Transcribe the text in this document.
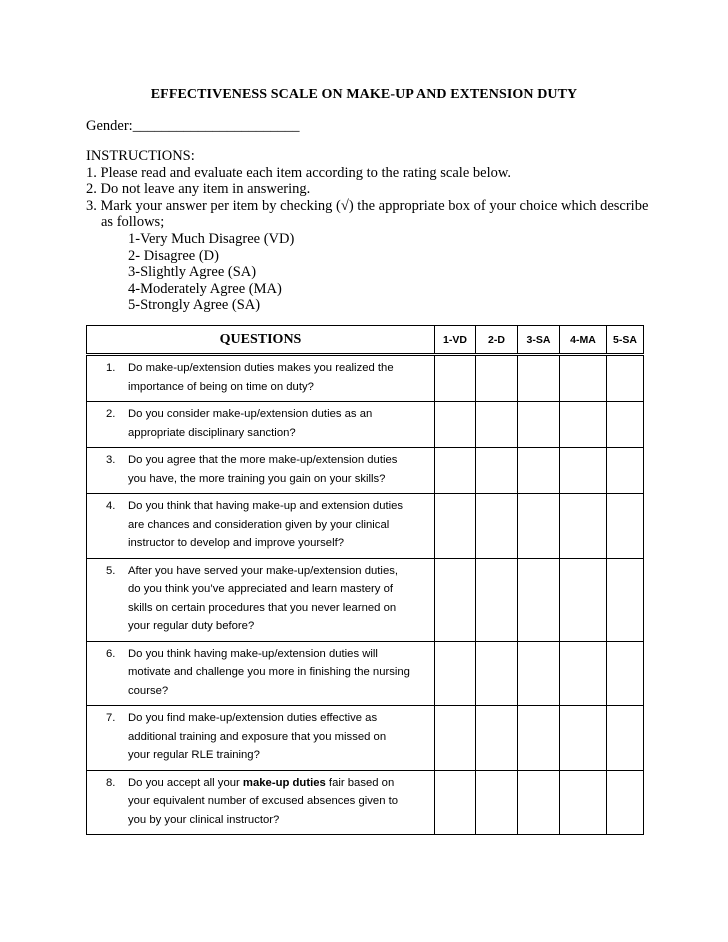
EFFECTIVENESS SCALE ON MAKE-UP AND EXTENSION DUTY
Gender:_______________________
INSTRUCTIONS:
1. Please read and evaluate each item according to the rating scale below.
2. Do not leave any item in answering.
3. Mark your answer per item by checking (√) the appropriate box of your choice which describe
as follows;
1-Very Much Disagree (VD)
2- Disagree (D)
3-Slightly Agree (SA)
4-Moderately Agree (MA)
5-Strongly Agree (SA)
QUESTIONS	1-VD	2-D	3-SA	4-MA	5-SA

1. Do make-up/extension duties makes you realized the
importance of being on time on duty?					

2. Do you consider make-up/extension duties as an
appropriate disciplinary sanction?					

3. Do you agree that the more make-up/extension duties
you have, the more training you gain on your skills?					

4. Do you think that having make-up and extension duties
are chances and consideration given by your clinical
instructor to develop and improve yourself?					

5. After you have served your make-up/extension duties,
do you think you’ve appreciated and learn mastery of
skills on certain procedures that you never learned on
your regular duty before?					

6. Do you think having make-up/extension duties will
motivate and challenge you more in finishing the nursing
course?					

7. Do you find make-up/extension duties effective as
additional training and exposure that you missed on
your regular RLE training?					

8. Do you accept all your make-up duties fair based on
your equivalent number of excused absences given to
you by your clinical instructor?					
